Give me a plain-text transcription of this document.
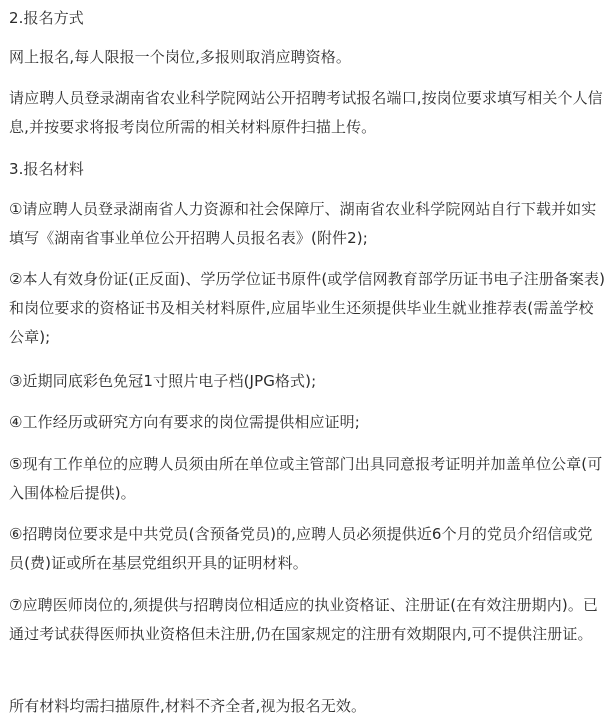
2.报名方式

网上报名,每人限报一个岗位,多报则取消应聘资格。

请应聘人员登录湖南省农业科学院网站公开招聘考试报名端口,按岗位要求填写相关个人信息,并按要求将报考岗位所需的相关材料原件扫描上传。

3.报名材料

①请应聘人员登录湖南省人力资源和社会保障厅、湖南省农业科学院网站自行下载并如实填写《湖南省事业单位公开招聘人员报名表》(附件2);

②本人有效身份证(正反面)、学历学位证书原件(或学信网教育部学历证书电子注册备案表)和岗位要求的资格证书及相关材料原件,应届毕业生还须提供毕业生就业推荐表(需盖学校公章);

③近期同底彩色免冠1寸照片电子档(JPG格式);

④工作经历或研究方向有要求的岗位需提供相应证明;

⑤现有工作单位的应聘人员须由所在单位或主管部门出具同意报考证明并加盖单位公章(可入围体检后提供)。

⑥招聘岗位要求是中共党员(含预备党员)的,应聘人员必须提供近6个月的党员介绍信或党员(费)证或所在基层党组织开具的证明材料。

⑦应聘医师岗位的,须提供与招聘岗位相适应的执业资格证、注册证(在有效注册期内)。已通过考试获得医师执业资格但未注册,仍在国家规定的注册有效期限内,可不提供注册证。

所有材料均需扫描原件,材料不齐全者,视为报名无效。
